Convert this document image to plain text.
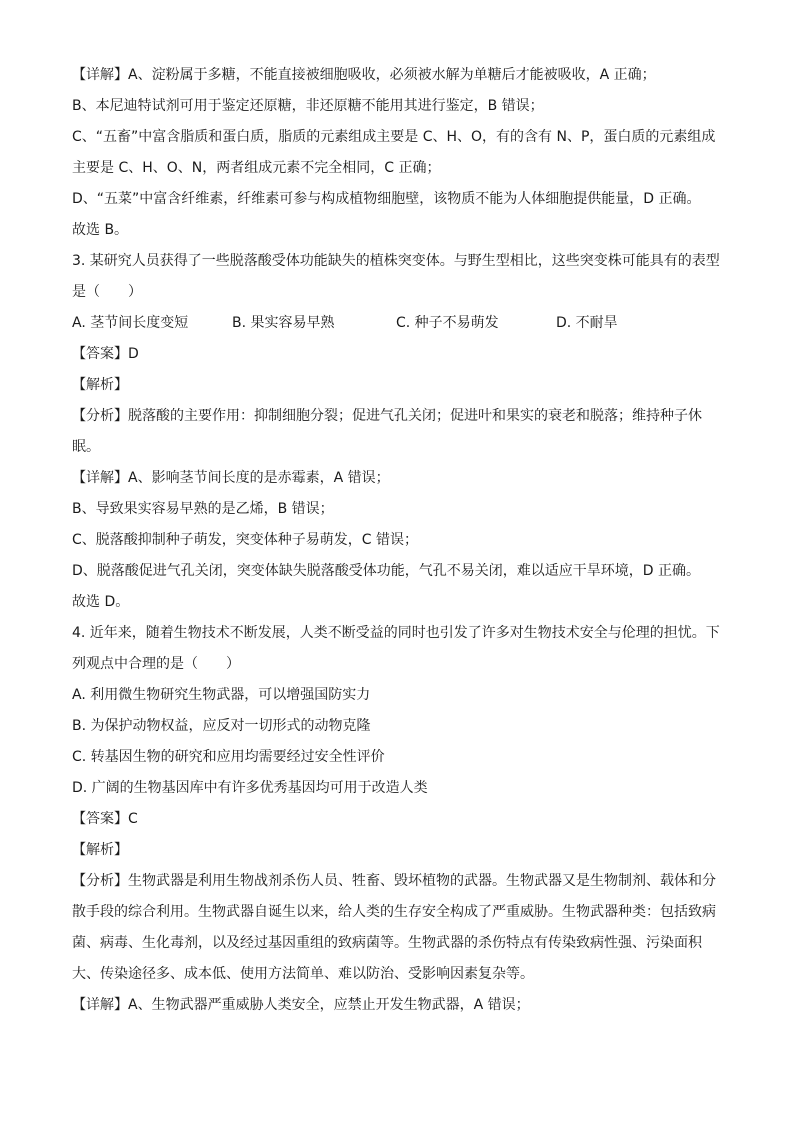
【详解】A、淀粉属于多糖，不能直接被细胞吸收，必须被水解为单糖后才能被吸收，A 正确；
B、本尼迪特试剂可用于鉴定还原糖，非还原糖不能用其进行鉴定，B 错误；
C、“五畜”中富含脂质和蛋白质，脂质的元素组成主要是 C、H、O，有的含有 N、P，蛋白质的元素组成
主要是 C、H、O、N，两者组成元素不完全相同，C 正确；
D、“五菜”中富含纤维素，纤维素可参与构成植物细胞壁，该物质不能为人体细胞提供能量，D 正确。
故选 B。
3. 某研究人员获得了一些脱落酸受体功能缺失的植株突变体。与野生型相比，这些突变株可能具有的表型
是（　　）
A. 茎节间长度变短	B. 果实容易早熟	C. 种子不易萌发	D. 不耐旱
【答案】D
【解析】
【分析】脱落酸的主要作用：抑制细胞分裂；促进气孔关闭；促进叶和果实的衰老和脱落；维持种子休
眠。
【详解】A、影响茎节间长度的是赤霉素，A 错误；
B、导致果实容易早熟的是乙烯，B 错误；
C、脱落酸抑制种子萌发，突变体种子易萌发，C 错误；
D、脱落酸促进气孔关闭，突变体缺失脱落酸受体功能，气孔不易关闭，难以适应干旱环境，D 正确。
故选 D。
4. 近年来，随着生物技术不断发展，人类不断受益的同时也引发了许多对生物技术安全与伦理的担忧。下
列观点中合理的是（　　）
A. 利用微生物研究生物武器，可以增强国防实力
B. 为保护动物权益，应反对一切形式的动物克隆
C. 转基因生物的研究和应用均需要经过安全性评价
D. 广阔的生物基因库中有许多优秀基因均可用于改造人类
【答案】C
【解析】
【分析】生物武器是利用生物战剂杀伤人员、牲畜、毁坏植物的武器。生物武器又是生物制剂、载体和分
散手段的综合利用。生物武器自诞生以来，给人类的生存安全构成了严重威胁。生物武器种类：包括致病
菌、病毒、生化毒剂，以及经过基因重组的致病菌等。生物武器的杀伤特点有传染致病性强、污染面积
大、传染途径多、成本低、使用方法简单、难以防治、受影响因素复杂等。
【详解】A、生物武器严重威胁人类安全，应禁止开发生物武器，A 错误；
